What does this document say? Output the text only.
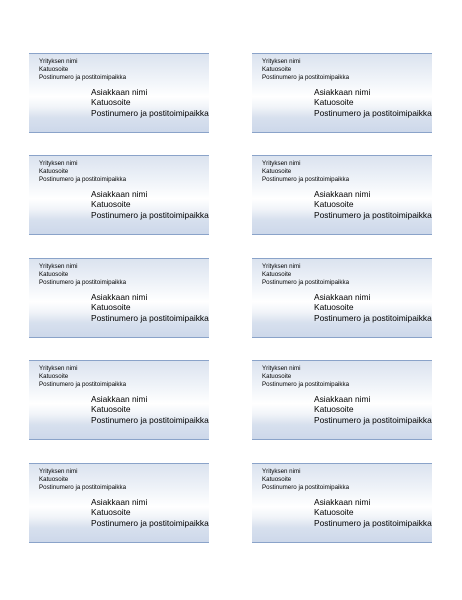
Yrityksen nimi
Katuosoite
Postinumero ja postitoimipaikka
Asiakkaan nimi
Katuosoite
Postinumero ja postitoimipaikka
Yrityksen nimi
Katuosoite
Postinumero ja postitoimipaikka
Asiakkaan nimi
Katuosoite
Postinumero ja postitoimipaikka
Yrityksen nimi
Katuosoite
Postinumero ja postitoimipaikka
Asiakkaan nimi
Katuosoite
Postinumero ja postitoimipaikka
Yrityksen nimi
Katuosoite
Postinumero ja postitoimipaikka
Asiakkaan nimi
Katuosoite
Postinumero ja postitoimipaikka
Yrityksen nimi
Katuosoite
Postinumero ja postitoimipaikka
Asiakkaan nimi
Katuosoite
Postinumero ja postitoimipaikka
Yrityksen nimi
Katuosoite
Postinumero ja postitoimipaikka
Asiakkaan nimi
Katuosoite
Postinumero ja postitoimipaikka
Yrityksen nimi
Katuosoite
Postinumero ja postitoimipaikka
Asiakkaan nimi
Katuosoite
Postinumero ja postitoimipaikka
Yrityksen nimi
Katuosoite
Postinumero ja postitoimipaikka
Asiakkaan nimi
Katuosoite
Postinumero ja postitoimipaikka
Yrityksen nimi
Katuosoite
Postinumero ja postitoimipaikka
Asiakkaan nimi
Katuosoite
Postinumero ja postitoimipaikka
Yrityksen nimi
Katuosoite
Postinumero ja postitoimipaikka
Asiakkaan nimi
Katuosoite
Postinumero ja postitoimipaikka
